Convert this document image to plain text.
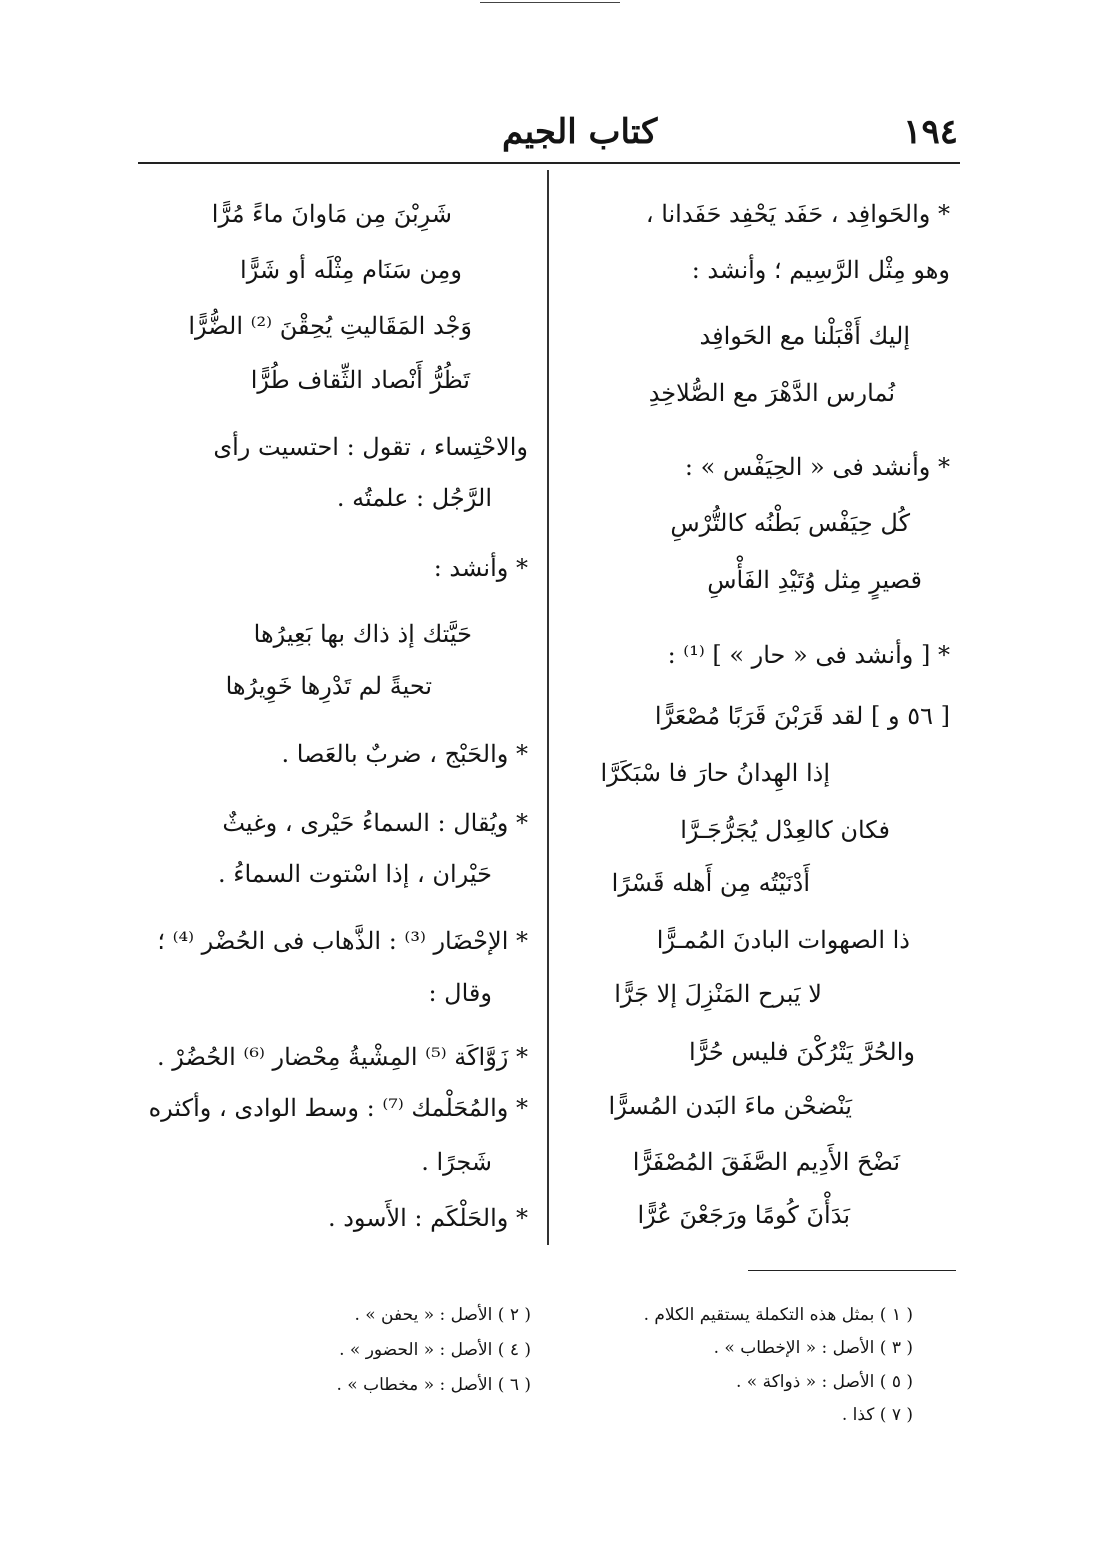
١٩٤
كتاب الجيم
* والحَوافِد ، حَفَد يَحْفِد حَفَدانا ،
وهو مِثْل الرَّسِيم ؛ وأنشد :
إليك أَقْبَلْنا مع الحَوافِد
نُمارس الدَّهْرَ مع الصُّلاخِدِ
* وأنشد فى « الحِيَفْس » :
كُل حِيَفْس بَطْنُه كالتُّرْسِ
قصيرٍ مِثل وُتَيْدِ الفَأْسِ
* [ وأنشد فى « حار » ] ⁽¹⁾ :
[ ٥٦ و ] لقد قَرَبْنَ قَرَبًا مُصْعَرًّا
إذا الهِدانُ حارَ فا سْبَكَرَّا
فكان كالعِدْل يُجَرُّجَـرَّا
أَدْنَيْتُه مِن أَهله قَسْرًا
ذا الصهوات البادنَ المُمـرًّا
لا يَبرح المَنْزِلَ إلا جَرًّا
والحُرَّ يَتْرُكْنَ فليس حُرًّا
يَنْضحْن ماءَ البَدن المُسرًّا
نَضْحَ الأَدِيم الصَّفَقَ المُصْفَرًّا
بَدَأْنَ كُومًا ورَجَعْنَ عُرًّا
شَرِبْنَ مِن مَاوانَ ماءً مُرًّا
ومِن سَنَام مِثْلَه أو شَرًّا
وَجْد المَقَاليتِ يُحِقْنَ ⁽²⁾ الضُّرًّا
تَظُرُّ أَنْصاد الثِّقاف طُرًّا
والاحْتِساء ، تقول : احتسيت رأى
الرَّجُل : علمتُه .
* وأنشد :
حَيَّتك إذ ذاك بها بَعِيرُها
تحيةً لم تَدْرِها خَوِيرُها
* والحَبْج ، ضربٌ بالعَصا .
* ويُقال : السماءُ حَيْرى ، وغيثٌ
حَيْران ، إذا اسْتوت السماءُ .
* الإحْضَار ⁽³⁾ : الذَّهاب فى الحُضْر ⁽⁴⁾ ؛
وقال :
* زَوَّاكَة ⁽⁵⁾ المِشْيةُ مِحْضار ⁽⁶⁾ الحُضُرْ .
* والمُحَلْمك ⁽⁷⁾ : وسط الوادى ، وأكثره
شَجرًا .
* والحَلْكَم : الأَسود .
( ١ ) بمثل هذه التكملة يستقيم الكلام .
( ٣ ) الأصل : « الإخطاب » .
( ٥ ) الأصل : « ذواكة » .
( ٧ ) كذا .
( ٢ ) الأصل : « يحفن » .
( ٤ ) الأصل : « الحضور » .
( ٦ ) الأصل : « مخطاب » .
